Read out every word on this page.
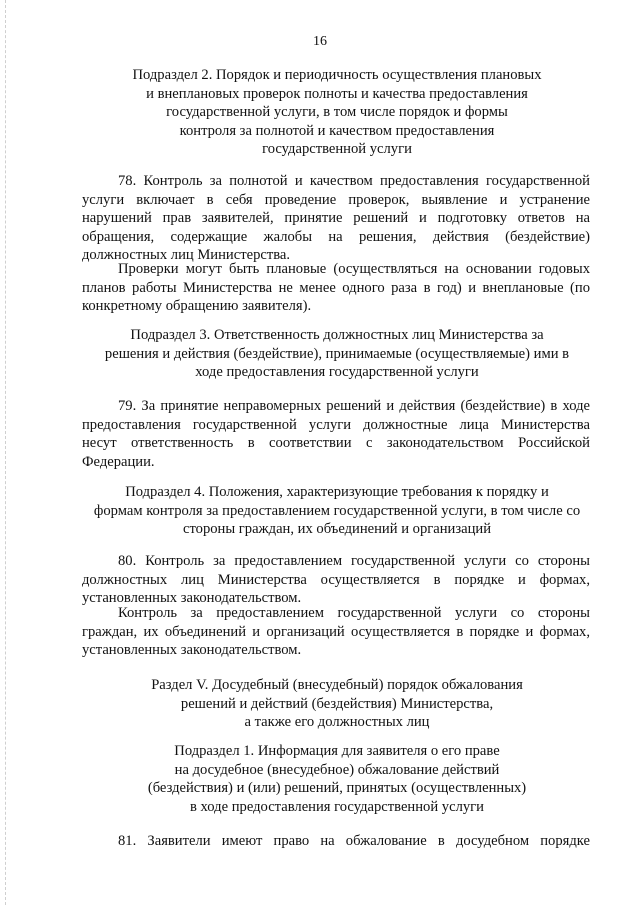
16
Подраздел 2. Порядок и периодичность осуществления плановых
и внеплановых проверок полноты и качества предоставления
государственной услуги, в том числе порядок и формы
контроля за полнотой и качеством предоставления
государственной услуги
78. Контроль за полнотой и качеством предоставления государственной
услуги включает в себя проведение проверок, выявление и устранение
нарушений прав заявителей, принятие решений и подготовку ответов на
обращения, содержащие жалобы на решения, действия (бездействие)
должностных лиц Министерства.
Проверки могут быть плановые (осуществляться на основании годовых
планов работы Министерства не менее одного раза в год) и внеплановые (по
конкретному обращению заявителя).
Подраздел 3. Ответственность должностных лиц Министерства за
решения и действия (бездействие), принимаемые (осуществляемые) ими в
ходе предоставления государственной услуги
79. За принятие неправомерных решений и действия (бездействие) в ходе
предоставления государственной услуги должностные лица Министерства
несут ответственность в соответствии с законодательством Российской
Федерации.
Подраздел 4. Положения, характеризующие требования к порядку и
формам контроля за предоставлением государственной услуги, в том числе со
стороны граждан, их объединений и организаций
80. Контроль за предоставлением государственной услуги со стороны
должностных лиц Министерства осуществляется в порядке и формах,
установленных законодательством.
Контроль за предоставлением государственной услуги со стороны
граждан, их объединений и организаций осуществляется в порядке и формах,
установленных законодательством.
Раздел V. Досудебный (внесудебный) порядок обжалования
решений и действий (бездействия) Министерства,
а также его должностных лиц
Подраздел 1. Информация для заявителя о его праве
на досудебное (внесудебное) обжалование действий
(бездействия) и (или) решений, принятых (осуществленных)
в ходе предоставления государственной услуги
81. Заявители имеют право на обжалование в досудебном порядке
